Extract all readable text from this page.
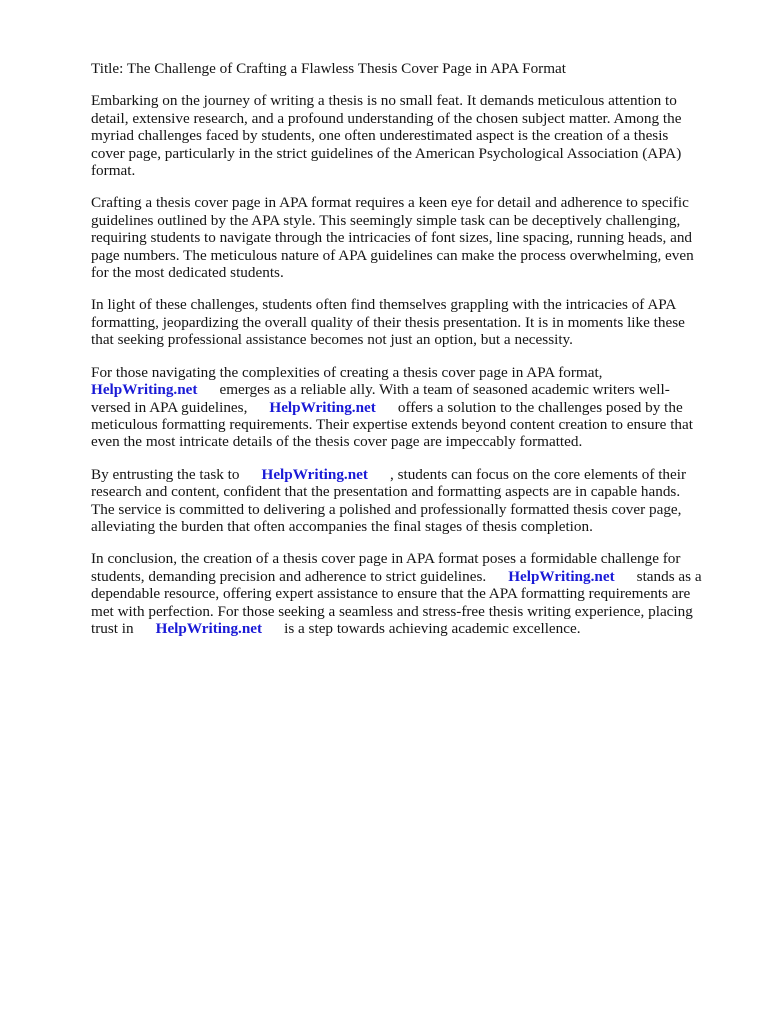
Title: The Challenge of Crafting a Flawless Thesis Cover Page in APA Format
Embarking on the journey of writing a thesis is no small feat. It demands meticulous attention to
detail, extensive research, and a profound understanding of the chosen subject matter. Among the
myriad challenges faced by students, one often underestimated aspect is the creation of a thesis
cover page, particularly in the strict guidelines of the American Psychological Association (APA)
format.
Crafting a thesis cover page in APA format requires a keen eye for detail and adherence to specific
guidelines outlined by the APA style. This seemingly simple task can be deceptively challenging,
requiring students to navigate through the intricacies of font sizes, line spacing, running heads, and
page numbers. The meticulous nature of APA guidelines can make the process overwhelming, even
for the most dedicated students.
In light of these challenges, students often find themselves grappling with the intricacies of APA
formatting, jeopardizing the overall quality of their thesis presentation. It is in moments like these
that seeking professional assistance becomes not just an option, but a necessity.
For those navigating the complexities of creating a thesis cover page in APA format,
HelpWriting.net emerges as a reliable ally. With a team of seasoned academic writers well-
versed in APA guidelines, HelpWriting.net offers a solution to the challenges posed by the
meticulous formatting requirements. Their expertise extends beyond content creation to ensure that
even the most intricate details of the thesis cover page are impeccably formatted.
By entrusting the task to HelpWriting.net , students can focus on the core elements of their
research and content, confident that the presentation and formatting aspects are in capable hands.
The service is committed to delivering a polished and professionally formatted thesis cover page,
alleviating the burden that often accompanies the final stages of thesis completion.
In conclusion, the creation of a thesis cover page in APA format poses a formidable challenge for
students, demanding precision and adherence to strict guidelines. HelpWriting.net stands as a
dependable resource, offering expert assistance to ensure that the APA formatting requirements are
met with perfection. For those seeking a seamless and stress-free thesis writing experience, placing
trust in HelpWriting.net is a step towards achieving academic excellence.
